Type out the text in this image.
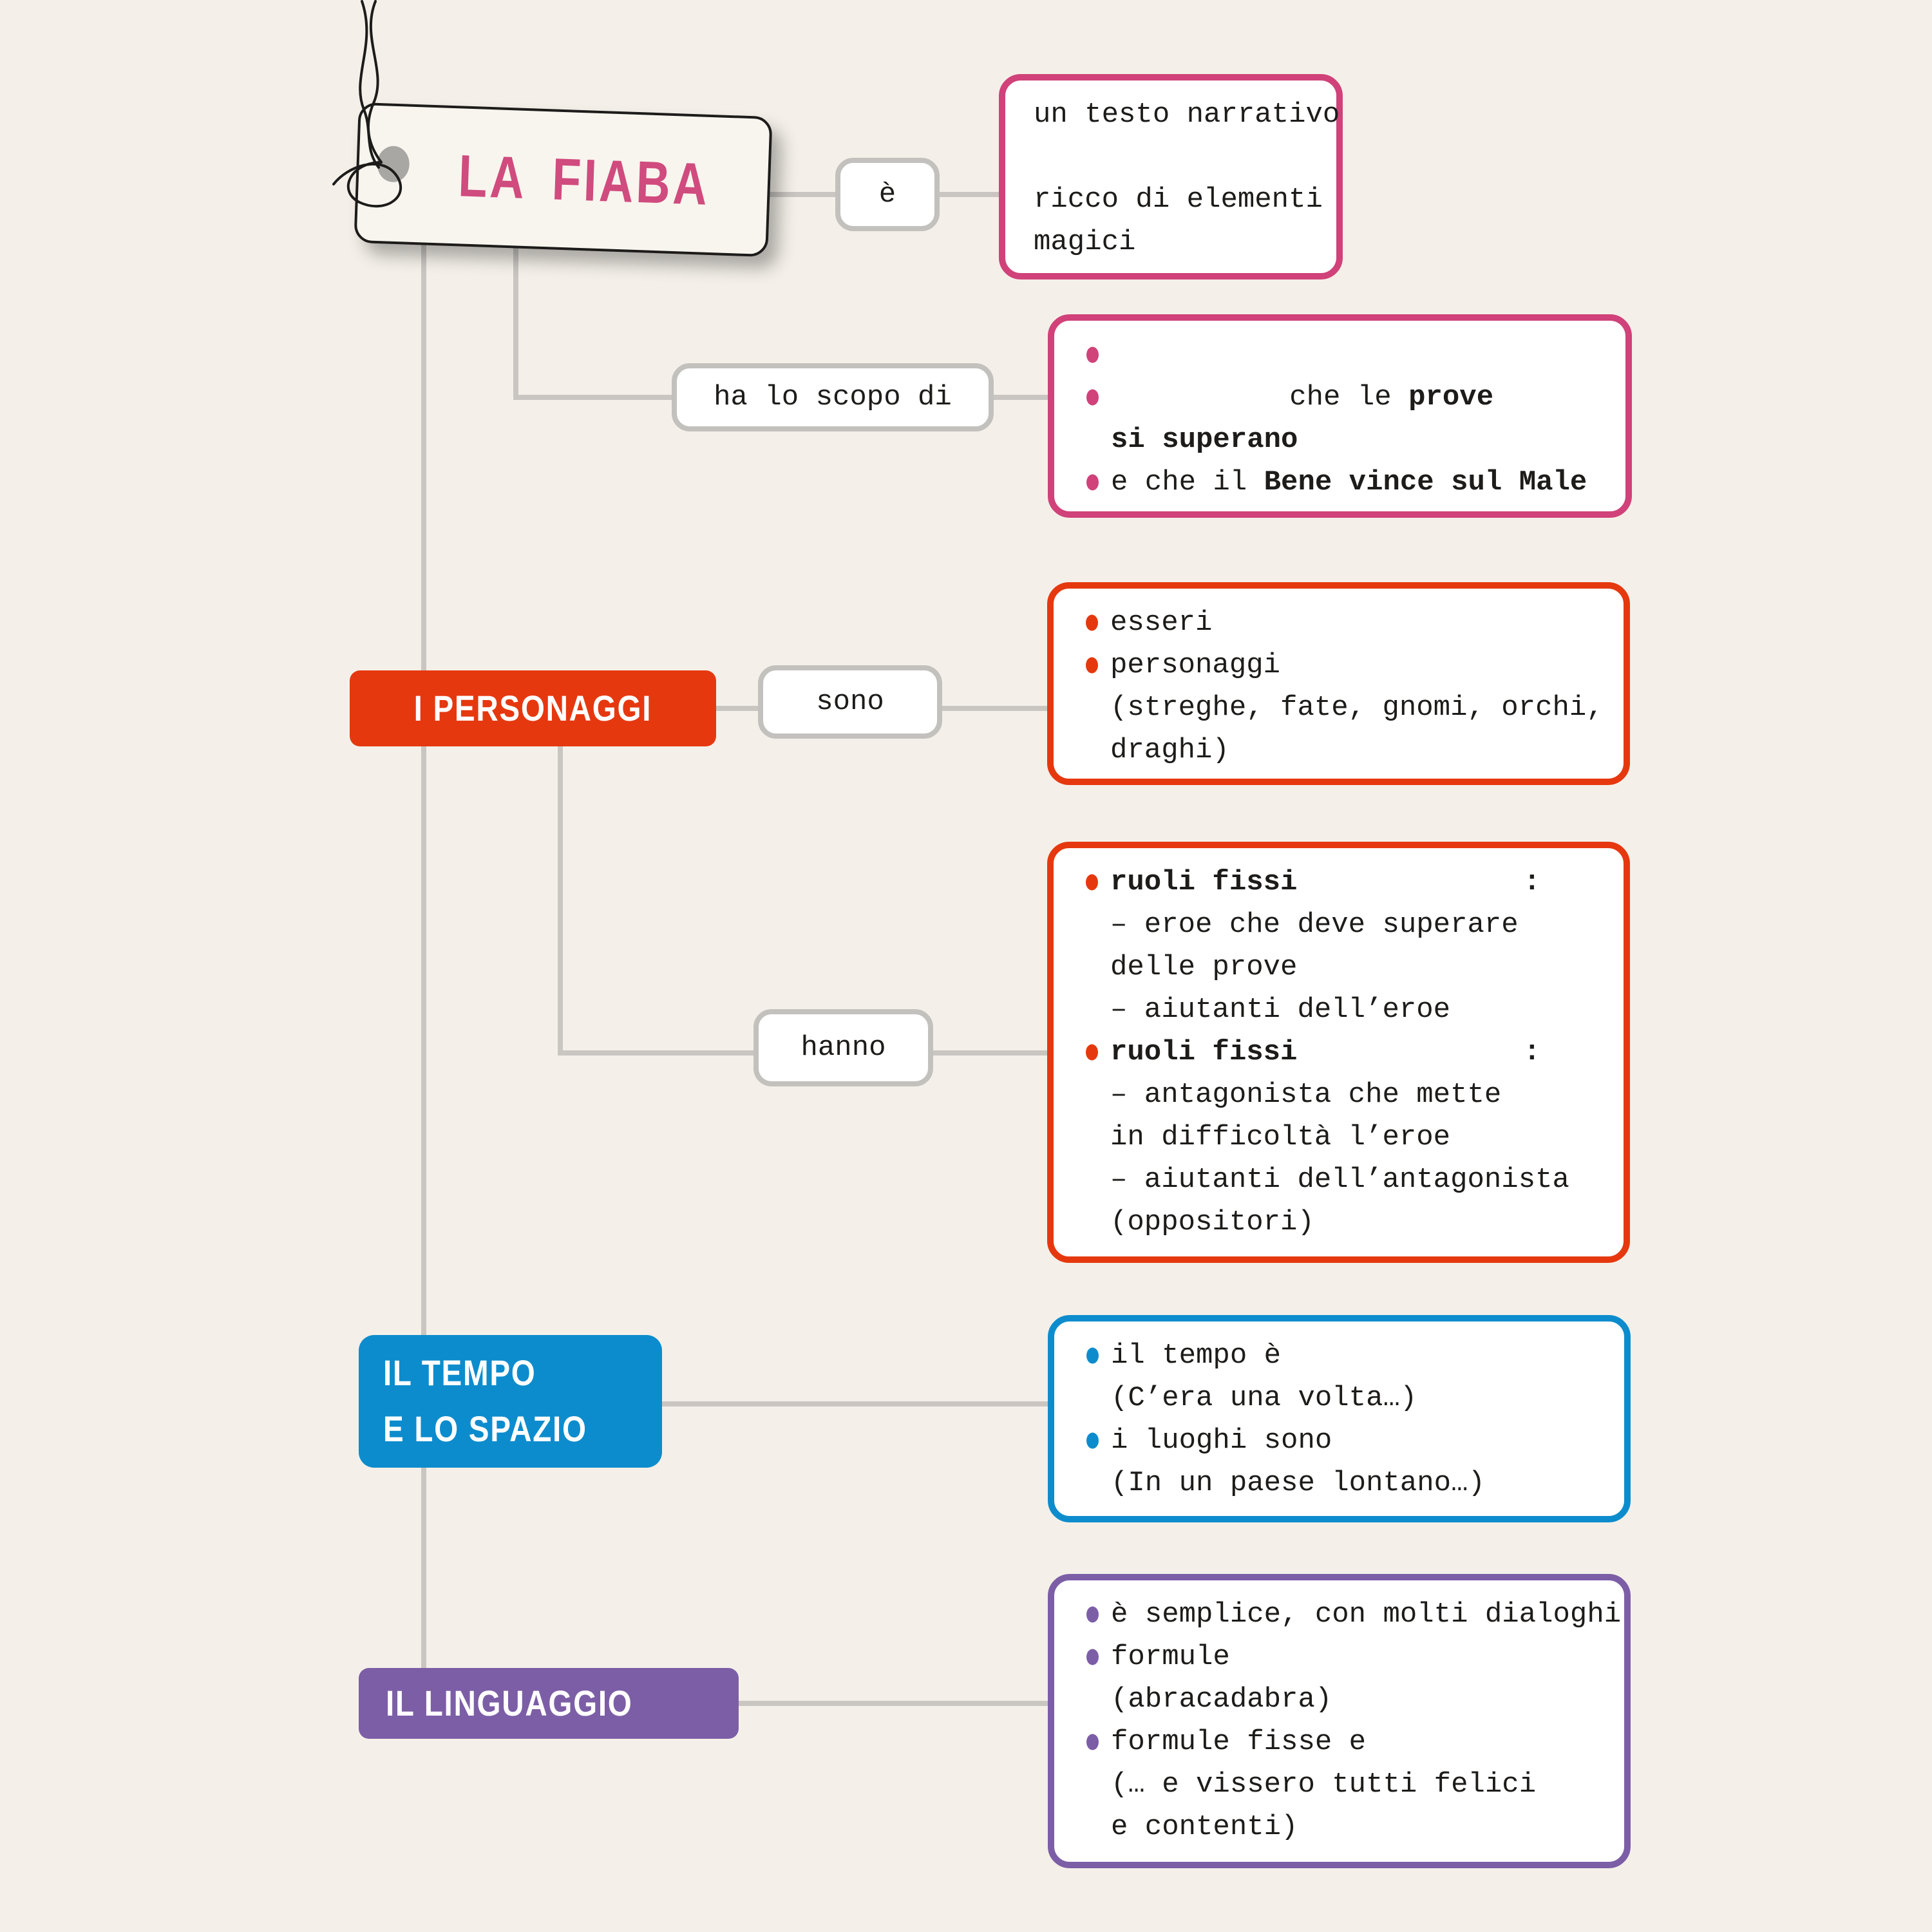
LA FIABA	è
ha lo scopo di
sono
hanno
I PERSONAGGI
IL TEMPO
E LO SPAZIO
IL LINGUAGGIO
un testo narrativo
ricco di elementi
magici
che le prove
si superano
e che il Bene vince sul Male
esseri
personaggi
(streghe, fate, gnomi, orchi,
draghi)
ruoli fissi	:
– eroe che deve superare
delle prove
– aiutanti dell’eroe
ruoli fissi	:
– antagonista che mette
in difficoltà l’eroe
– aiutanti dell’antagonista
(oppositori)
il tempo è
(C’era una volta…)
i luoghi sono
(In un paese lontano…)
è semplice, con molti dialoghi
formule
(abracadabra)
formule fisse e
(… e vissero tutti felici
e contenti)
